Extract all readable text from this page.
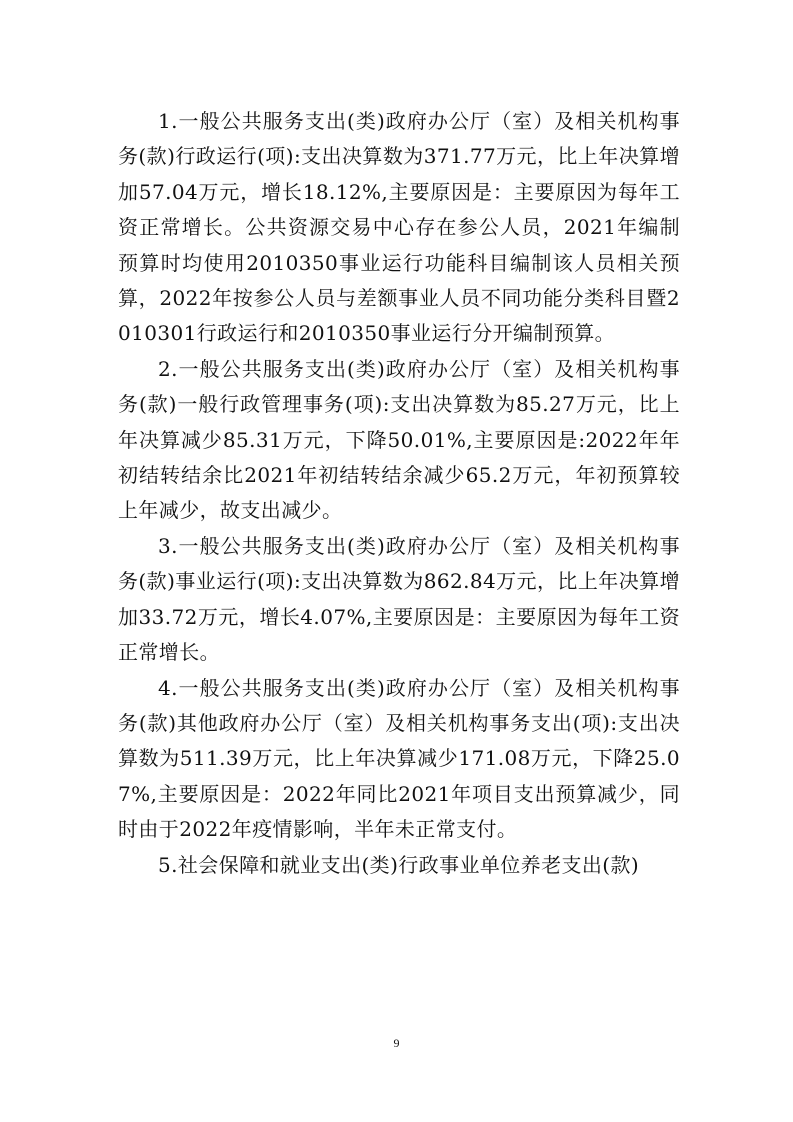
1.一般公共服务支出(类)政府办公厅（室）及相关机构事务(款)行政运行(项):支出决算数为371.77万元，比上年决算增加57.04万元，增长18.12%,主要原因是：主要原因为每年工资正常增长。公共资源交易中心存在参公人员，2021年编制预算时均使用2010350事业运行功能科目编制该人员相关预算，2022年按参公人员与差额事业人员不同功能分类科目暨2010301行政运行和2010350事业运行分开编制预算。

2.一般公共服务支出(类)政府办公厅（室）及相关机构事务(款)一般行政管理事务(项):支出决算数为85.27万元，比上年决算减少85.31万元，下降50.01%,主要原因是:2022年年初结转结余比2021年初结转结余减少65.2万元，年初预算较上年减少，故支出减少。

3.一般公共服务支出(类)政府办公厅（室）及相关机构事务(款)事业运行(项):支出决算数为862.84万元，比上年决算增加33.72万元，增长4.07%,主要原因是：主要原因为每年工资正常增长。

4.一般公共服务支出(类)政府办公厅（室）及相关机构事务(款)其他政府办公厅（室）及相关机构事务支出(项):支出决算数为511.39万元，比上年决算减少171.08万元，下降25.07%,主要原因是：2022年同比2021年项目支出预算减少，同时由于2022年疫情影响，半年未正常支付。

5.社会保障和就业支出(类)行政事业单位养老支出(款)

9
